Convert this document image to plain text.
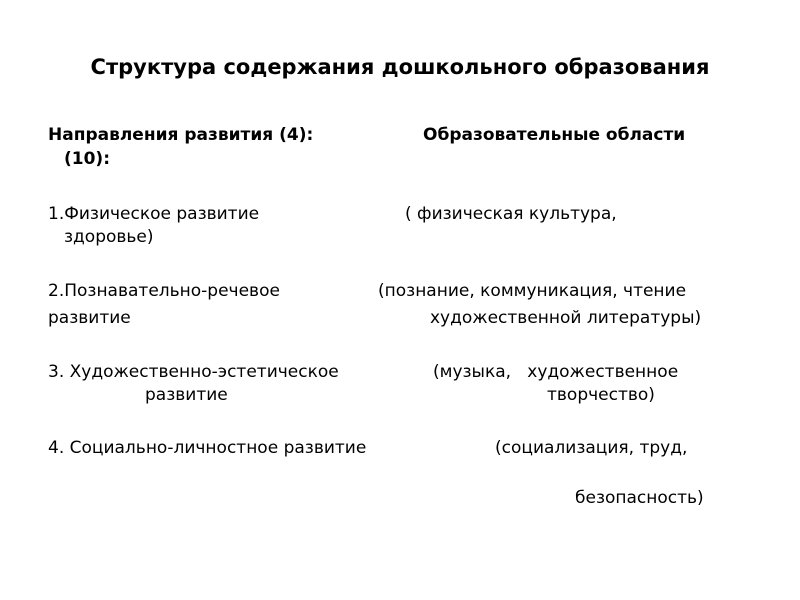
Структура содержания дошкольного образования
Направления развития (4):	Образовательные области
(10):
1.Физическое развитие	( физическая культура,
здоровье)
2.Познавательно-речевое	(познание, коммуникация, чтение
развитие	художественной литературы)
3. Художественно-эстетическое	(музыка,   художественное
развитие	творчество)
4. Социально-личностное развитие	(социализация, труд,
безопасность)
